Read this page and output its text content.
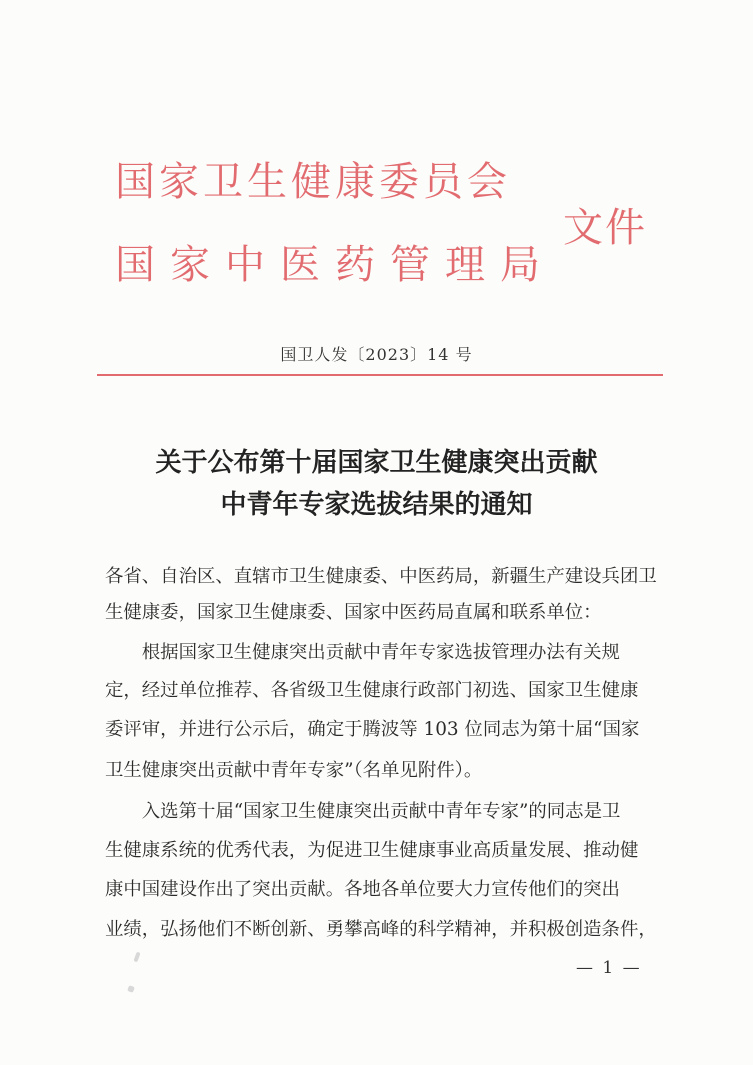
国家卫生健康委员会
国家中医药管理局
文件
国卫人发〔2023〕14 号
关于公布第十届国家卫生健康突出贡献
中青年专家选拔结果的通知
各省、自治区、直辖市卫生健康委、中医药局，新疆生产建设兵团卫
生健康委，国家卫生健康委、国家中医药局直属和联系单位：
　　根据国家卫生健康突出贡献中青年专家选拔管理办法有关规
定，经过单位推荐、各省级卫生健康行政部门初选、国家卫生健康
委评审，并进行公示后，确定于腾波等 103 位同志为第十届“国家
卫生健康突出贡献中青年专家”（名单见附件）。
　　入选第十届“国家卫生健康突出贡献中青年专家”的同志是卫
生健康系统的优秀代表，为促进卫生健康事业高质量发展、推动健
康中国建设作出了突出贡献。各地各单位要大力宣传他们的突出
业绩，弘扬他们不断创新、勇攀高峰的科学精神，并积极创造条件，
— 1 —
